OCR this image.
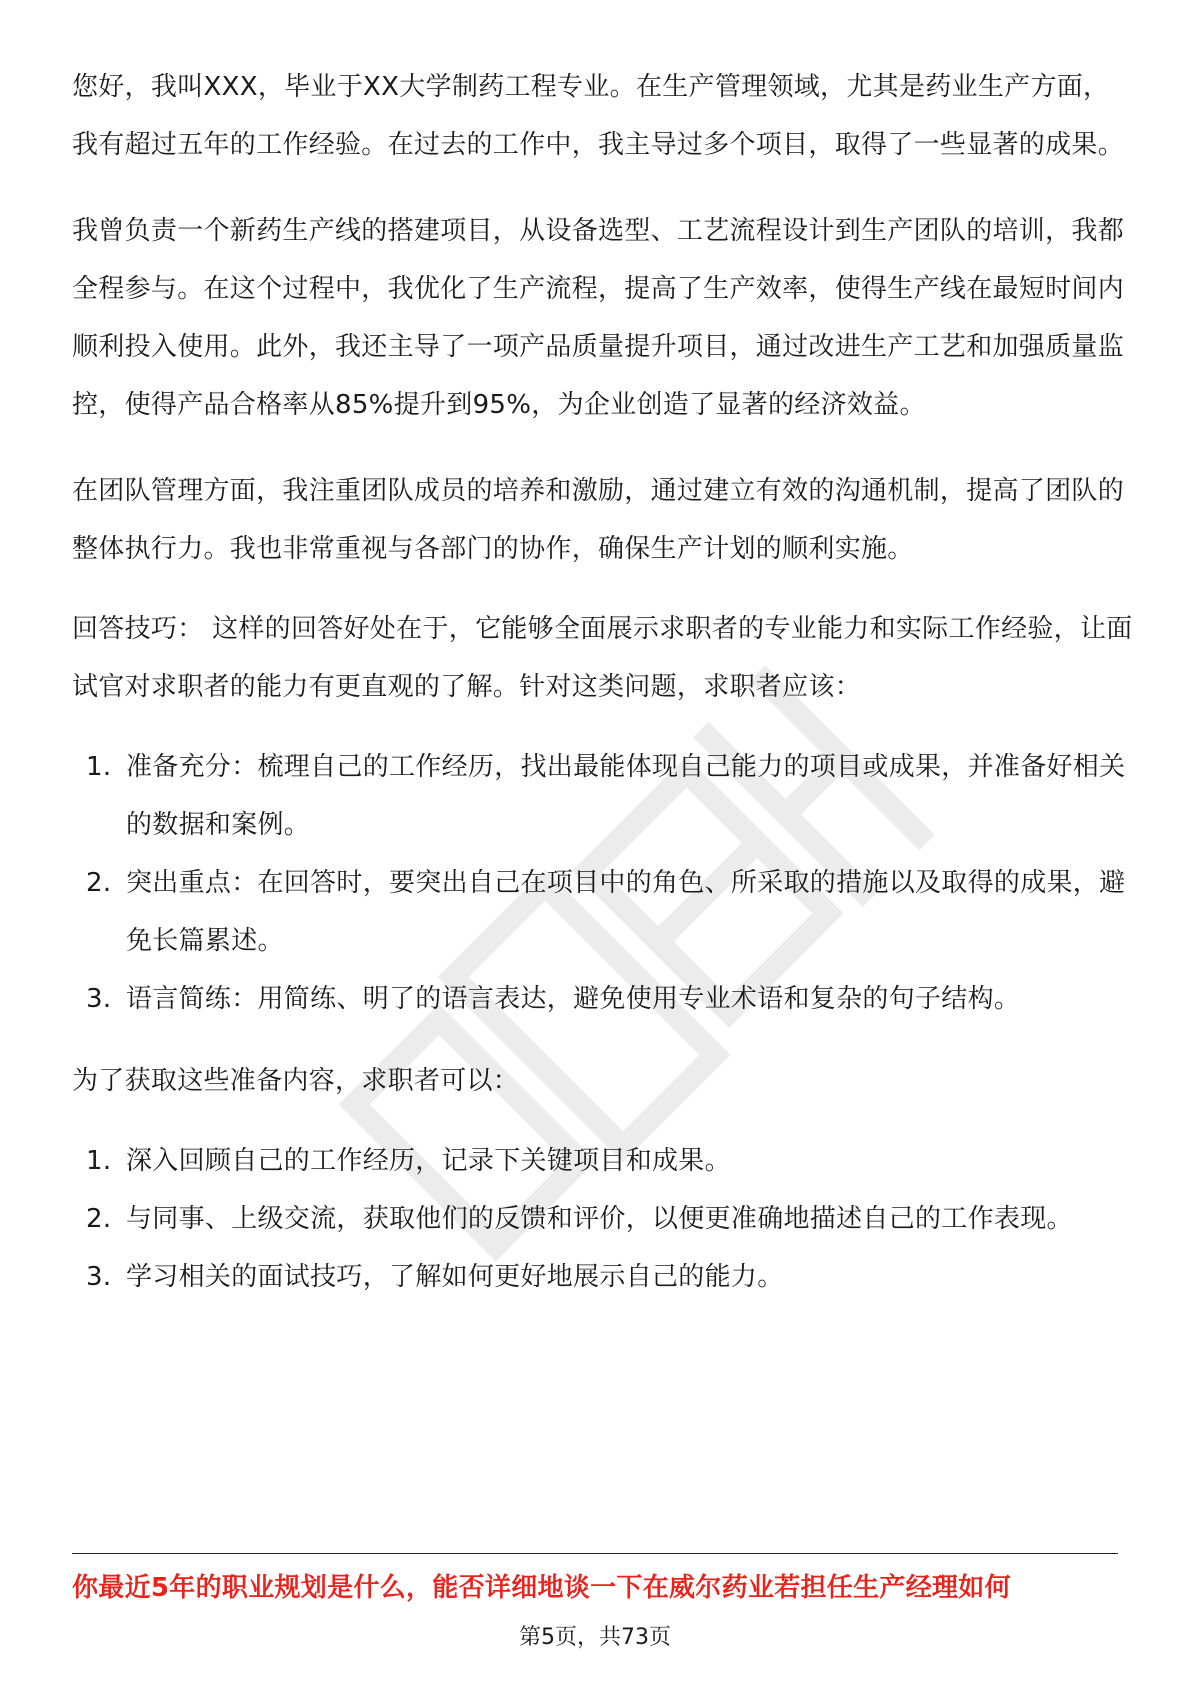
您好，我叫XXX，毕业于XX大学制药工程专业。在生产管理领域，尤其是药业生产方面，我有超过五年的工作经验。在过去的工作中，我主导过多个项目，取得了一些显著的成果。

我曾负责一个新药生产线的搭建项目，从设备选型、工艺流程设计到生产团队的培训，我都全程参与。在这个过程中，我优化了生产流程，提高了生产效率，使得生产线在最短时间内顺利投入使用。此外，我还主导了一项产品质量提升项目，通过改进生产工艺和加强质量监控，使得产品合格率从85%提升到95%，为企业创造了显著的经济效益。

在团队管理方面，我注重团队成员的培养和激励，通过建立有效的沟通机制，提高了团队的整体执行力。我也非常重视与各部门的协作，确保生产计划的顺利实施。

回答技巧： 这样的回答好处在于，它能够全面展示求职者的专业能力和实际工作经验，让面试官对求职者的能力有更直观的了解。针对这类问题，求职者应该：

1. 准备充分：梳理自己的工作经历，找出最能体现自己能力的项目或成果，并准备好相关的数据和案例。
2. 突出重点：在回答时，要突出自己在项目中的角色、所采取的措施以及取得的成果，避免长篇累述。
3. 语言简练：用简练、明了的语言表达，避免使用专业术语和复杂的句子结构。

为了获取这些准备内容，求职者可以：

1. 深入回顾自己的工作经历，记录下关键项目和成果。
2. 与同事、上级交流，获取他们的反馈和评价，以便更准确地描述自己的工作表现。
3. 学习相关的面试技巧，了解如何更好地展示自己的能力。
你最近5年的职业规划是什么，能否详细地谈一下在威尔药业若担任生产经理如何
第5页，共73页
